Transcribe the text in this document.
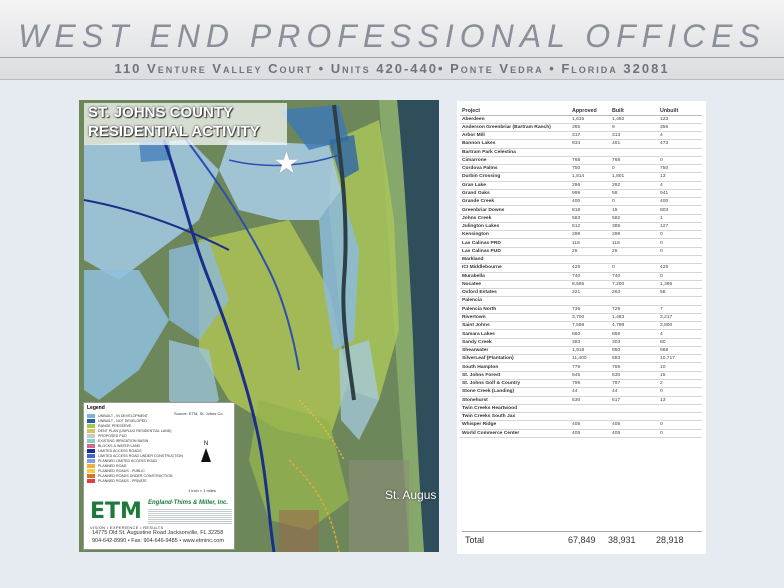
WEST END PROFESSIONAL OFFICES
110 Venture Valley Court • Units 420-440• Ponte Vedra • Florida 32081
ST. JOHNS COUNTY
RESIDENTIAL ACTIVITY
★
St. Augus
Legend
UNBUILT - IN DEVELOPMENT
UNBUILT - NOT DEVELOPED
RANGE PRESERVE
DENT PLAN (UNPLUG RESIDENTIAL LAND)
PROPOSED PUD
EXISTING IRRIGATION BASIN
BLOCKS & WATER LAND
LIMITED ACCESS ROADS
LIMITED ACCESS ROAD UNDER CONSTRUCTION
PLANNED LIMITED ACCESS ROAD
PLANNED ROAD
PLANNED ROADS - PUBLIC
PLANNED ROADS UNDER CONSTRUCTION
PLANNED ROADS - PRIVATE
Source: ETM, St. Johns Co.
N
1 inch = 1 miles
ETM England-Thims & Miller, Inc.
VISION • EXPERIENCE • RESULTS
14775 Old St. Augustine Road Jacksonville, FL 32258
904-642-8990 • Fax: 904-646-9485 • www.etminc.com
Project	Approved	Built	Unbuilt
Aberdeen	1,615	1,492	123
Anderson Greenbriar (Bartram Ranch)	365	9	356
Arbor Mill	317	313	4
Bannon Lakes	934	461	473
Bartram Park Celestina			
Cimarrone	768	768	0
Cordova Palms	750	0	750
Durbin Crossing	1,814	1,801	13
Gran Lake	296	292	4
Grand Oaks	999	58	941
Grande Creek	400	0	400
Greenbriar Downs	818	15	803
Johns Creek	583	582	1
Julington Lakes	512	385	127
Kensington	299	299	0
Las Calinas PRD	115	115	0
Las Calinas PUD	26	26	0
Markland			
ICI Middlebourne	426	0	426
Murabella	740	740	0
Nocatee	8,595	7,200	1,395
Oxford Estates	321	263	58
Palencia			
Palencia North	736	729	7
Rivertown	3,700	1,483	2,217
Saint Johns	7,598	4,798	2,800
Samara Lakes	860	856	4
Sandy Creek	383	303	80
Shearwater	1,918	950	968
SilverLeaf (Plantation)	11,400	683	10,717
South Hampton	779	769	10
St. Johns Forest	545	530	15
St. Johns Golf & Country	799	797	2
Stone Creek (Landing)	44	44	0
Stonehurst	530	517	13
Twin Creeks Heartwood			
Twin Creeks South Jax			
Whisper Ridge	405	405	0
World Commerce Center	405	405	0
Total	67,849	38,931	28,918
